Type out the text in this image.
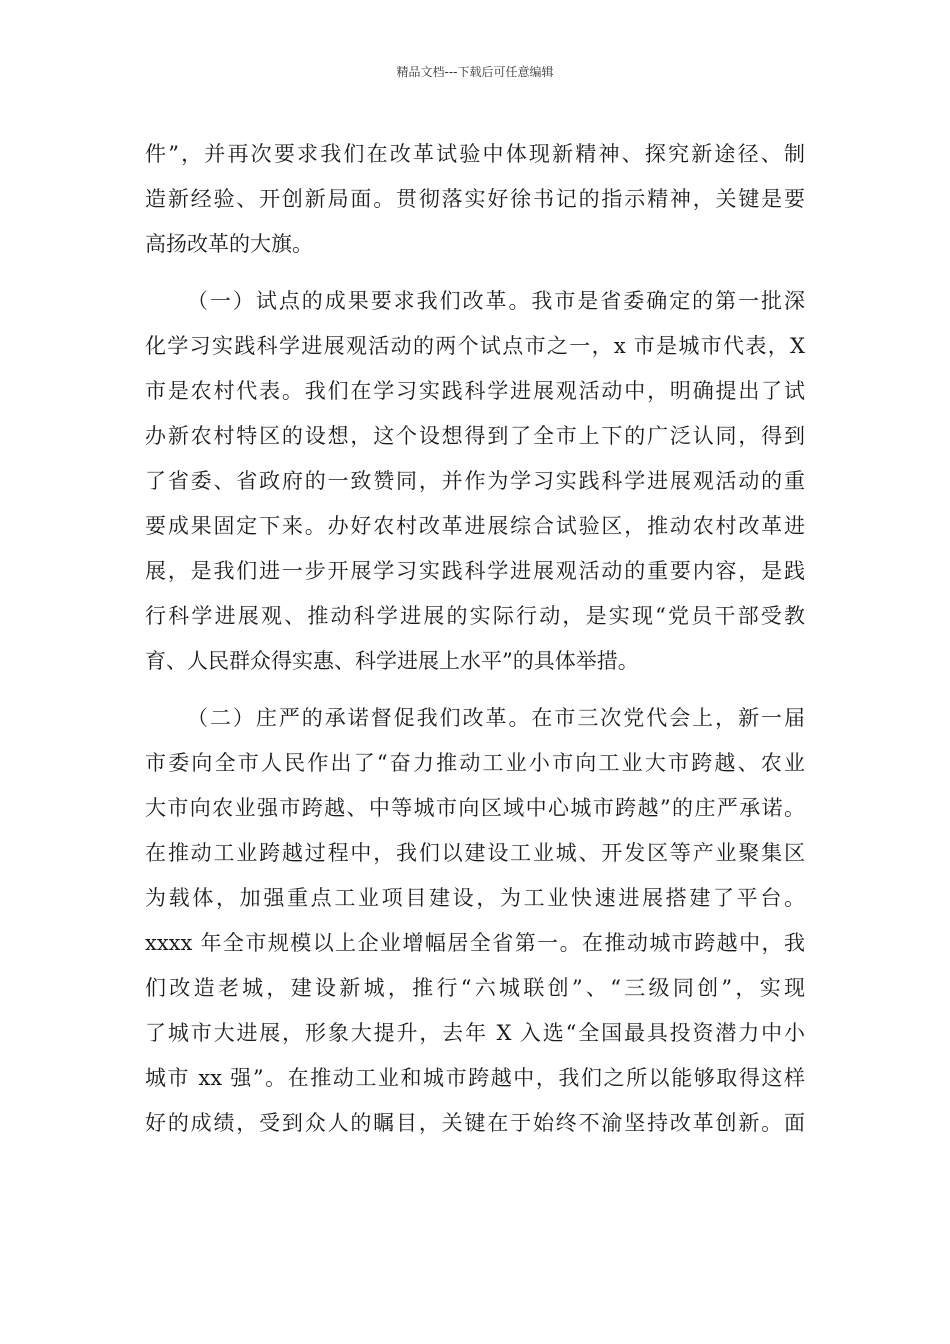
精品文档---下载后可任意编辑
件”，并再次要求我们在改革试验中体现新精神、探究新途径、制
造新经验、开创新局面。贯彻落实好徐书记的指示精神，关键是要
高扬改革的大旗。
（一）试点的成果要求我们改革。我市是省委确定的第一批深
化学习实践科学进展观活动的两个试点市之一，x 市是城市代表，X
市是农村代表。我们在学习实践科学进展观活动中，明确提出了试
办新农村特区的设想，这个设想得到了全市上下的广泛认同，得到
了省委、省政府的一致赞同，并作为学习实践科学进展观活动的重
要成果固定下来。办好农村改革进展综合试验区，推动农村改革进
展，是我们进一步开展学习实践科学进展观活动的重要内容，是践
行科学进展观、推动科学进展的实际行动，是实现“党员干部受教
育、人民群众得实惠、科学进展上水平”的具体举措。
（二）庄严的承诺督促我们改革。在市三次党代会上，新一届
市委向全市人民作出了“奋力推动工业小市向工业大市跨越、农业
大市向农业强市跨越、中等城市向区域中心城市跨越”的庄严承诺。
在推动工业跨越过程中，我们以建设工业城、开发区等产业聚集区
为载体，加强重点工业项目建设，为工业快速进展搭建了平台。
xxxx 年全市规模以上企业增幅居全省第一。在推动城市跨越中，我
们改造老城，建设新城，推行“六城联创”、“三级同创”，实现
了城市大进展，形象大提升，去年 X 入选“全国最具投资潜力中小
城市 xx 强”。在推动工业和城市跨越中，我们之所以能够取得这样
好的成绩，受到众人的瞩目，关键在于始终不渝坚持改革创新。面
